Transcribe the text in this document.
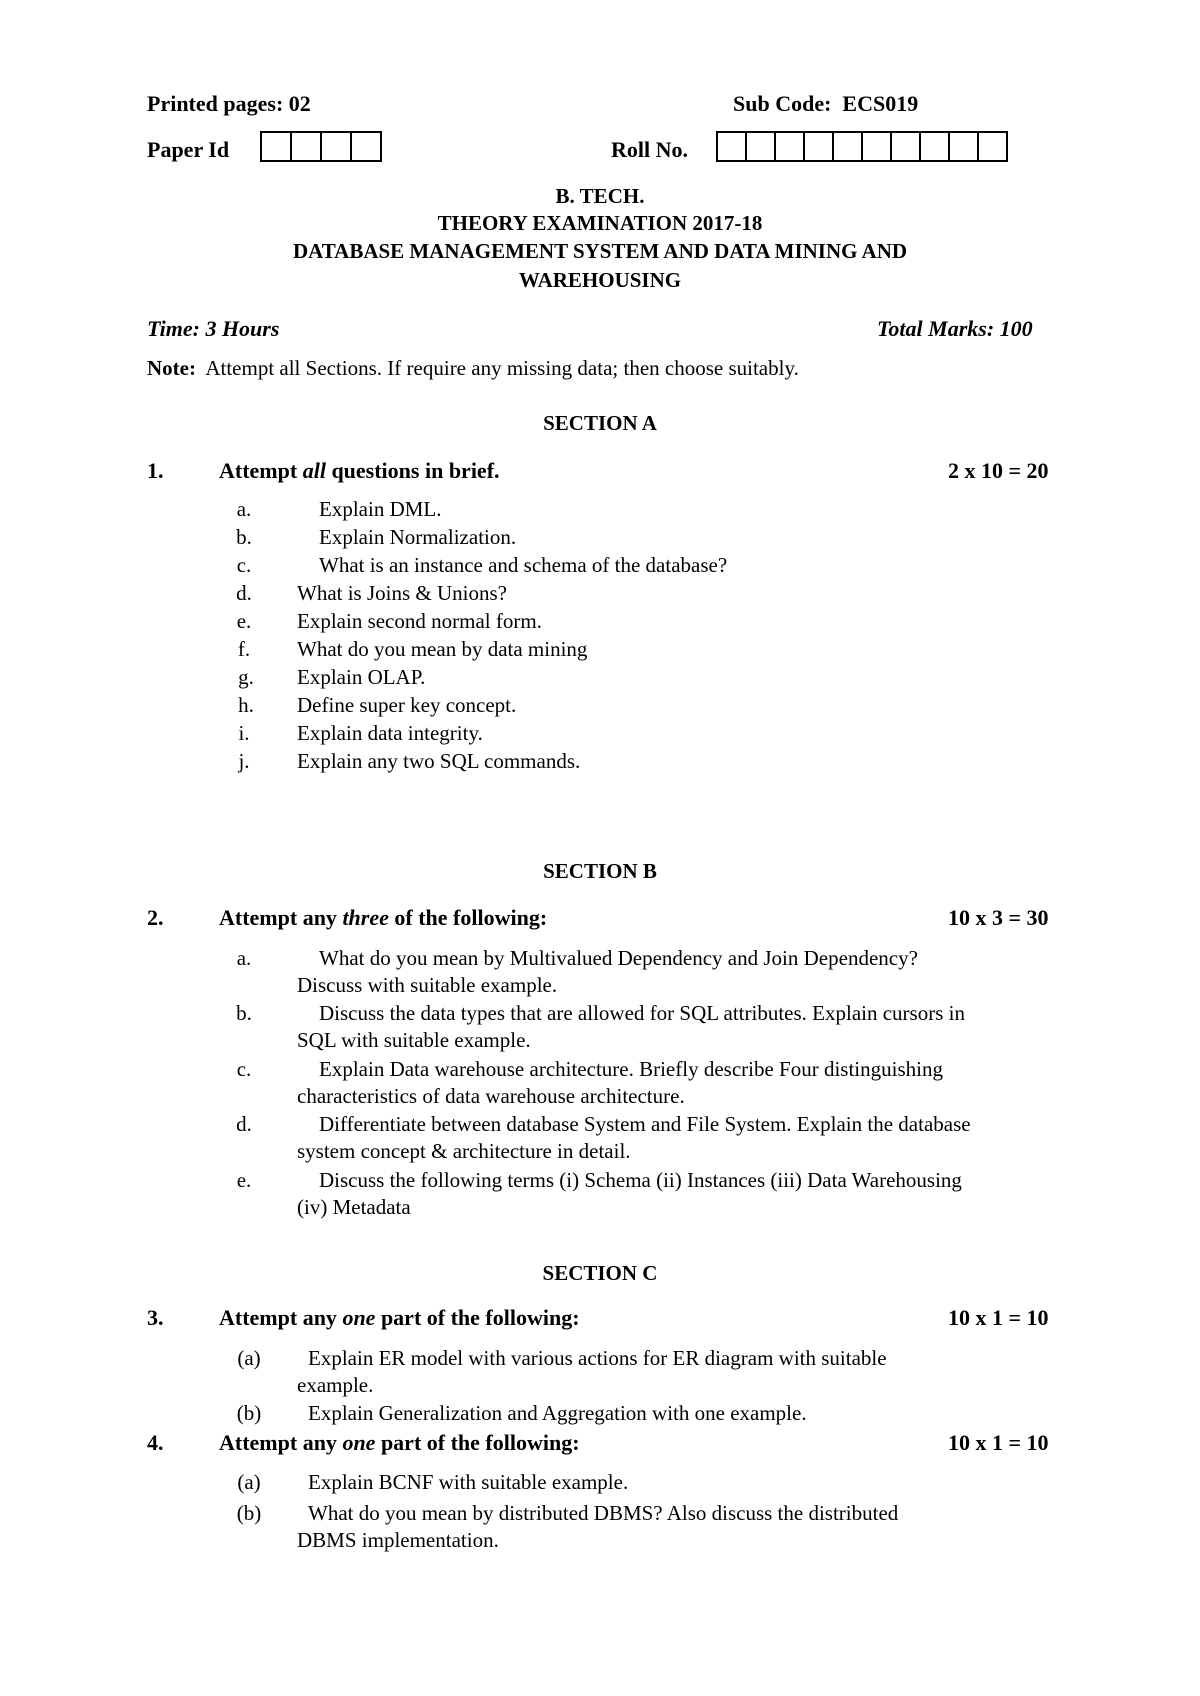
Printed pages: 02	Sub Code: ECS019
Paper Id	Roll No.
B. TECH.
THEORY EXAMINATION 2017-18
DATABASE MANAGEMENT SYSTEM AND DATA MINING AND
WAREHOUSING
Time: 3 Hours	Total Marks: 100
Note: Attempt all Sections. If require any missing data; then choose suitably.
SECTION A
1.	Attempt all questions in brief.	2 x 10 = 20
a.	Explain DML.
b.	Explain Normalization.
c.	What is an instance and schema of the database?
d.	What is Joins & Unions?
e.	Explain second normal form.
f.	What do you mean by data mining
g.	Explain OLAP.
h.	Define super key concept.
i.	Explain data integrity.
j.	Explain any two SQL commands.
SECTION B
2.	Attempt any three of the following:	10 x 3 = 30
a.	What do you mean by Multivalued Dependency and Join Dependency?
Discuss with suitable example.
b.	Discuss the data types that are allowed for SQL attributes. Explain cursors in
SQL with suitable example.
c.	Explain Data warehouse architecture. Briefly describe Four distinguishing
characteristics of data warehouse architecture.
d.	Differentiate between database System and File System. Explain the database
system concept & architecture in detail.
e.	Discuss the following terms (i) Schema (ii) Instances (iii) Data Warehousing
(iv) Metadata
SECTION C
3.	Attempt any one part of the following:	10 x 1 = 10
(a)	Explain ER model with various actions for ER diagram with suitable
example.
(b)	Explain Generalization and Aggregation with one example.
4.	Attempt any one part of the following:	10 x 1 = 10
(a)	Explain BCNF with suitable example.
(b)	What do you mean by distributed DBMS? Also discuss the distributed
DBMS implementation.
